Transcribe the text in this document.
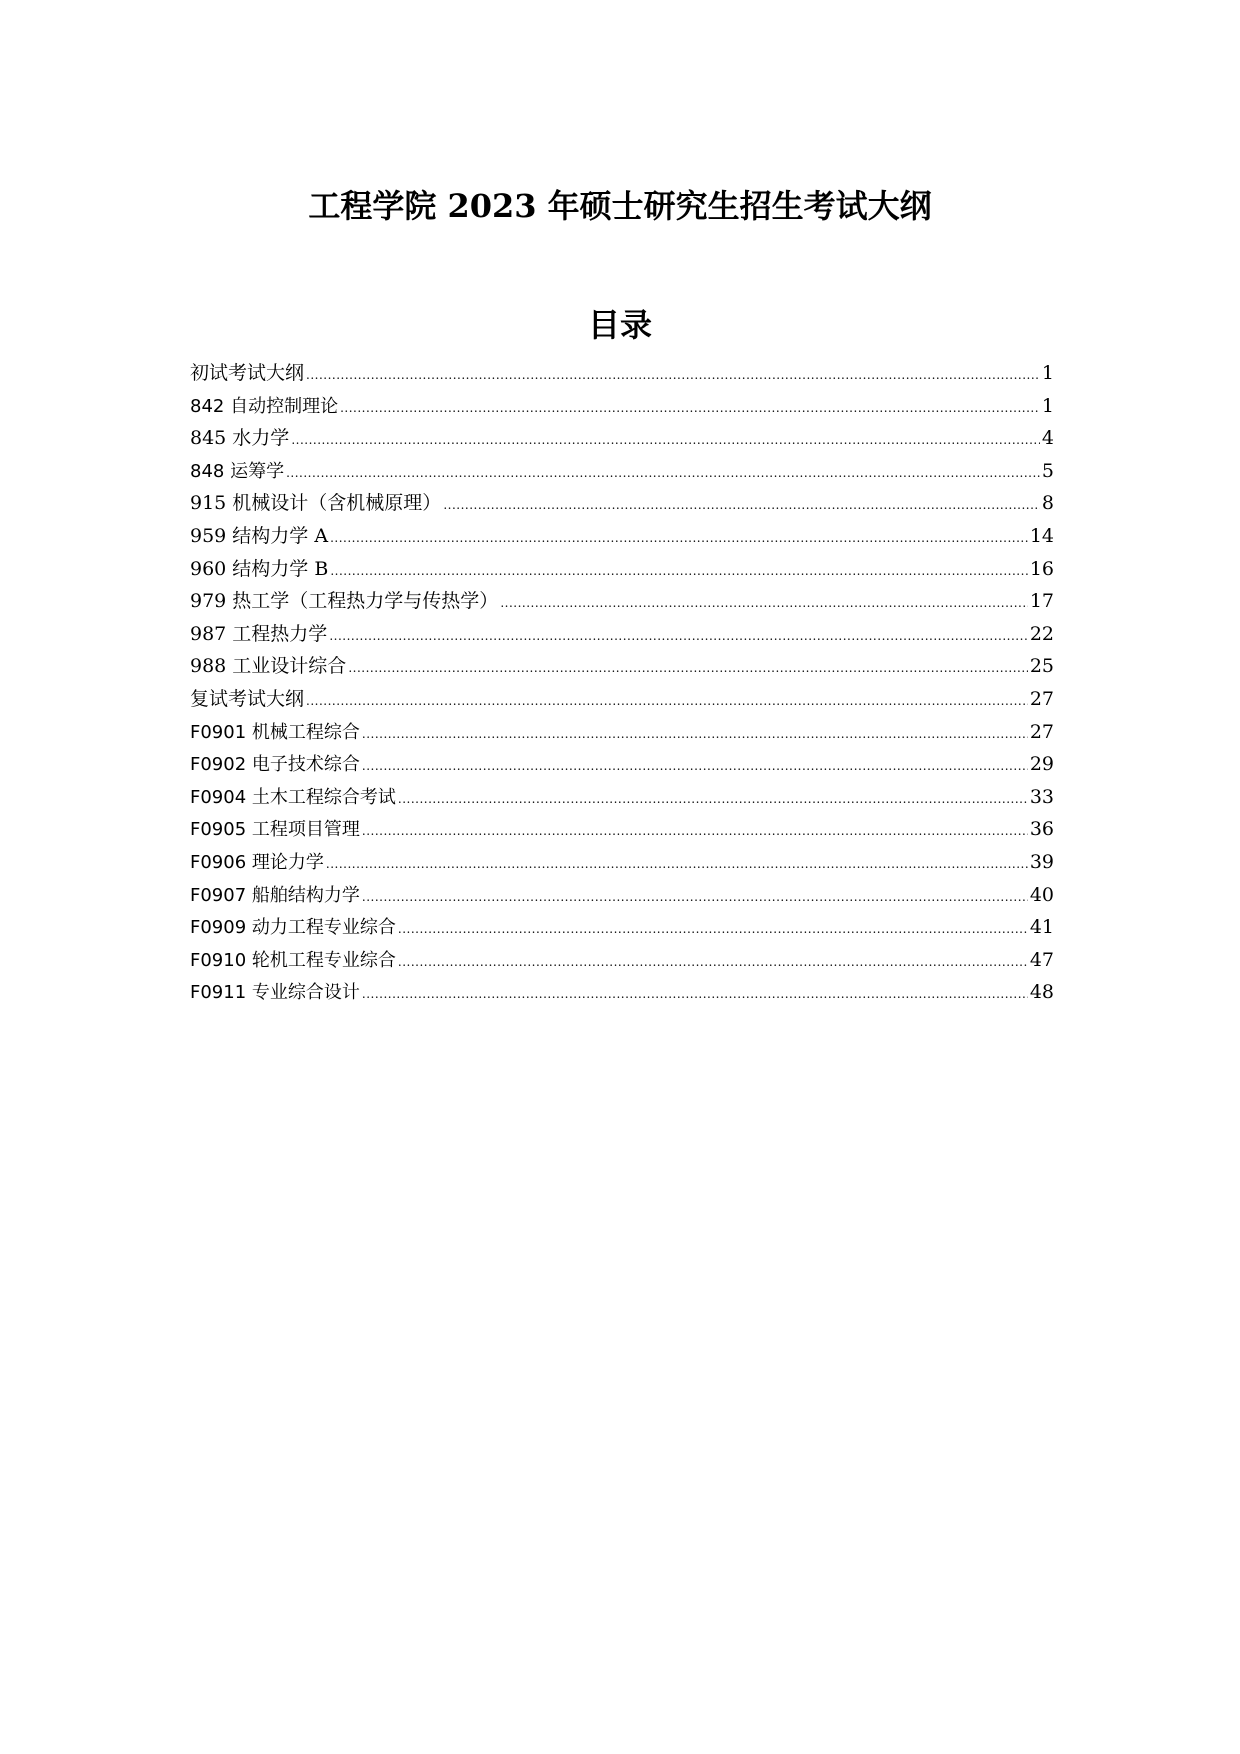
工程学院 2023 年硕士研究生招生考试大纲
目录
初试考试大纲 .....	1
842 自动控制理论 .....	1
845 水力学 .....	4
848 运筹学 .....	5
915 机械设计（含机械原理） .....	8
959 结构力学 A .....	14
960 结构力学 B .....	16
979 热工学（工程热力学与传热学） .....	17
987 工程热力学 .....	22
988 工业设计综合 .....	25
复试考试大纲 .....	27
F0901 机械工程综合 .....	27
F0902 电子技术综合 .....	29
F0904 土木工程综合考试 .....	33
F0905 工程项目管理 .....	36
F0906 理论力学 .....	39
F0907 船舶结构力学 .....	40
F0909 动力工程专业综合 .....	41
F0910 轮机工程专业综合 .....	47
F0911 专业综合设计 .....	48
